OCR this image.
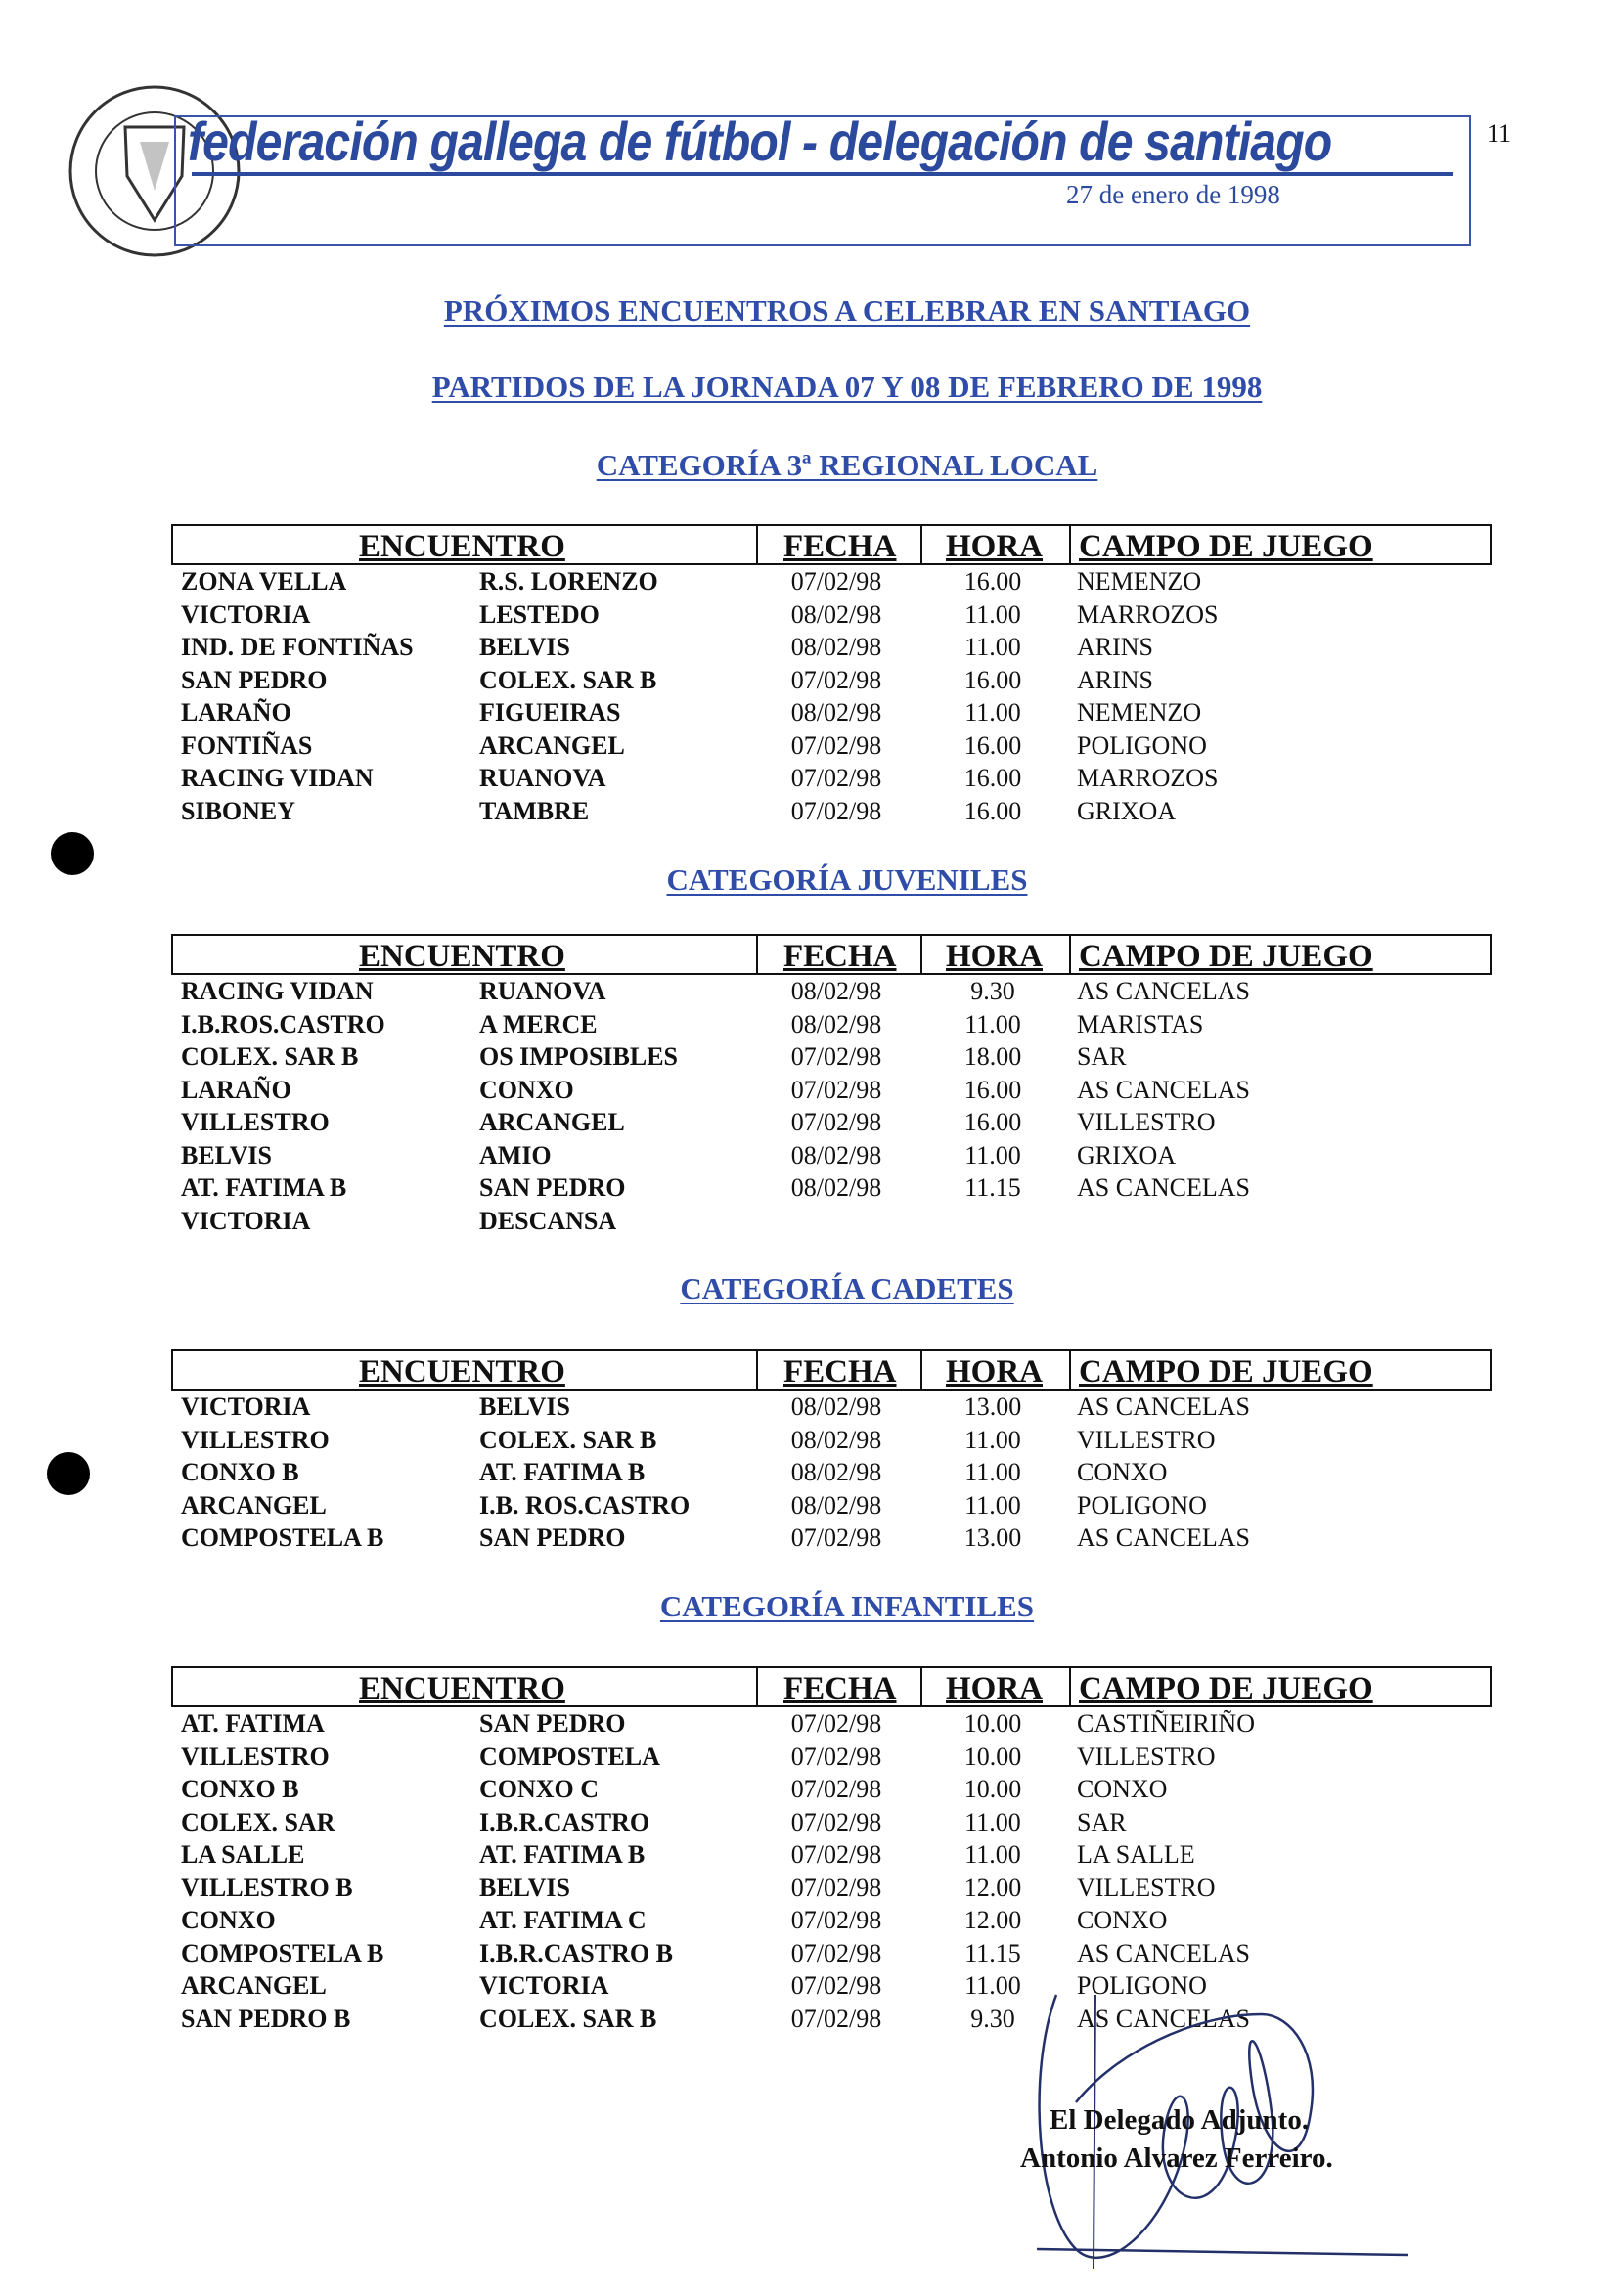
federación gallega de fútbol - delegación de santiago
27 de enero de 1998
11
PRÓXIMOS ENCUENTROS A CELEBRAR EN SANTIAGO
PARTIDOS DE LA JORNADA 07 Y 08 DE FEBRERO DE 1998
CATEGORÍA 3ª REGIONAL LOCAL
ENCUENTRO	FECHA	HORA	CAMPO DE JUEGO
ZONA VELLA	R.S. LORENZO	07/02/98	16.00	NEMENZO
VICTORIA	LESTEDO	08/02/98	11.00	MARROZOS
IND. DE FONTIÑAS	BELVIS	08/02/98	11.00	ARINS
SAN PEDRO	COLEX. SAR B	07/02/98	16.00	ARINS
LARAÑO	FIGUEIRAS	08/02/98	11.00	NEMENZO
FONTIÑAS	ARCANGEL	07/02/98	16.00	POLIGONO
RACING VIDAN	RUANOVA	07/02/98	16.00	MARROZOS
SIBONEY	TAMBRE	07/02/98	16.00	GRIXOA
CATEGORÍA JUVENILES
ENCUENTRO	FECHA	HORA	CAMPO DE JUEGO
RACING VIDAN	RUANOVA	08/02/98	9.30	AS CANCELAS
I.B.ROS.CASTRO	A MERCE	08/02/98	11.00	MARISTAS
COLEX. SAR B	OS IMPOSIBLES	07/02/98	18.00	SAR
LARAÑO	CONXO	07/02/98	16.00	AS CANCELAS
VILLESTRO	ARCANGEL	07/02/98	16.00	VILLESTRO
BELVIS	AMIO	08/02/98	11.00	GRIXOA
AT. FATIMA B	SAN PEDRO	08/02/98	11.15	AS CANCELAS
VICTORIA	DESCANSA
CATEGORÍA CADETES
ENCUENTRO	FECHA	HORA	CAMPO DE JUEGO
VICTORIA	BELVIS	08/02/98	13.00	AS CANCELAS
VILLESTRO	COLEX. SAR B	08/02/98	11.00	VILLESTRO
CONXO B	AT. FATIMA B	08/02/98	11.00	CONXO
ARCANGEL	I.B. ROS.CASTRO	08/02/98	11.00	POLIGONO
COMPOSTELA B	SAN PEDRO	07/02/98	13.00	AS CANCELAS
CATEGORÍA INFANTILES
ENCUENTRO	FECHA	HORA	CAMPO DE JUEGO
AT. FATIMA	SAN PEDRO	07/02/98	10.00	CASTIÑEIRIÑO
VILLESTRO	COMPOSTELA	07/02/98	10.00	VILLESTRO
CONXO B	CONXO C	07/02/98	10.00	CONXO
COLEX. SAR	I.B.R.CASTRO	07/02/98	11.00	SAR
LA SALLE	AT. FATIMA B	07/02/98	11.00	LA SALLE
VILLESTRO B	BELVIS	07/02/98	12.00	VILLESTRO
CONXO	AT. FATIMA C	07/02/98	12.00	CONXO
COMPOSTELA B	I.B.R.CASTRO B	07/02/98	11.15	AS CANCELAS
ARCANGEL	VICTORIA	07/02/98	11.00	POLIGONO
SAN PEDRO B	COLEX. SAR B	07/02/98	9.30	AS CANCELAS
El Delegado Adjunto.
Antonio Alvarez Ferreiro.
